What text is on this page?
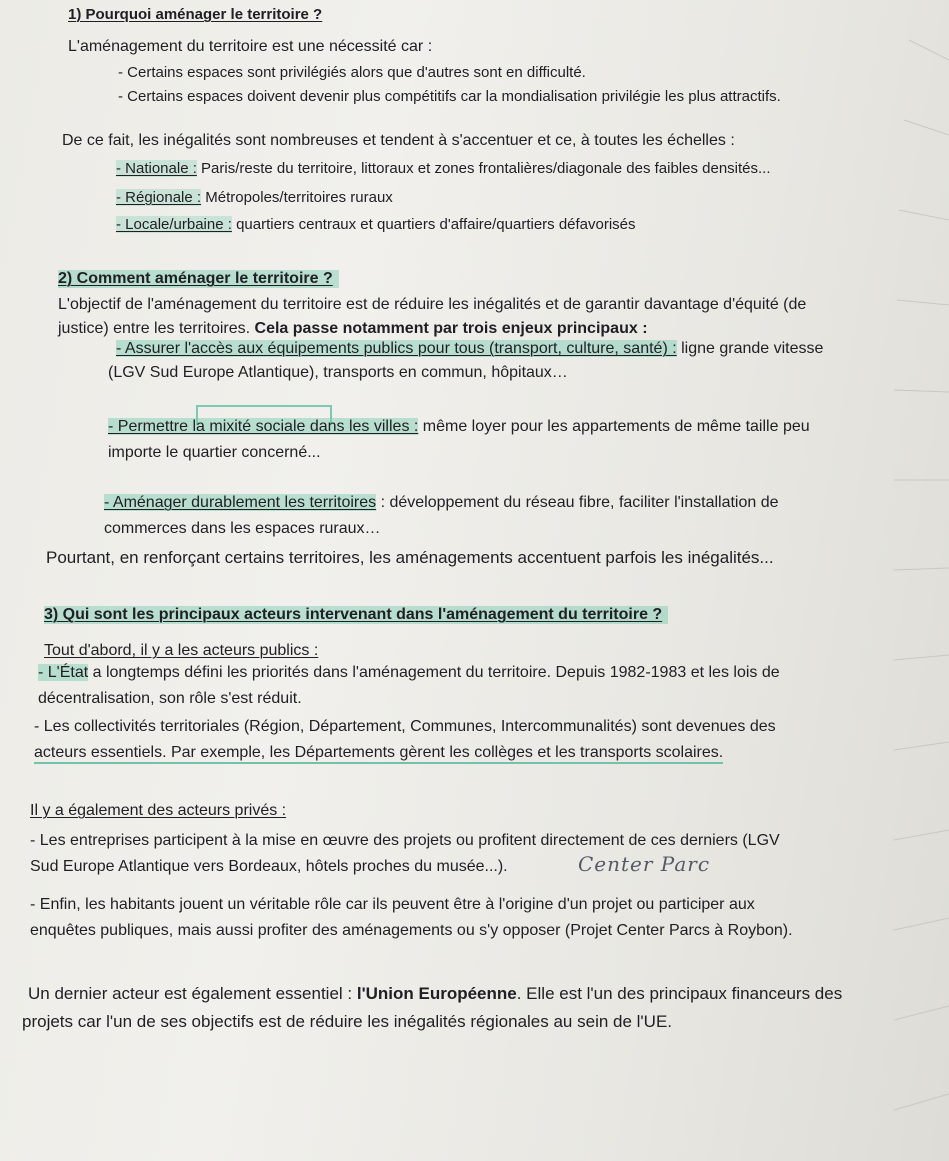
1) Pourquoi aménager le territoire ?
L'aménagement du territoire est une nécessité car :
- Certains espaces sont privilégiés alors que d'autres sont en difficulté.
- Certains espaces doivent devenir plus compétitifs car la mondialisation privilégie les plus attractifs.
De ce fait, les inégalités sont nombreuses et tendent à s'accentuer et ce, à toutes les échelles :
- Nationale : Paris/reste du territoire, littoraux et zones frontalières/diagonale des faibles densités...
- Régionale : Métropoles/territoires ruraux
- Locale/urbaine : quartiers centraux et quartiers d'affaire/quartiers défavorisés
2) Comment aménager le territoire ?
L'objectif de l'aménagement du territoire est de réduire les inégalités et de garantir davantage d'équité (de
justice) entre les territoires. Cela passe notamment par trois enjeux principaux :
- Assurer l'accès aux équipements publics pour tous (transport, culture, santé) : ligne grande vitesse
(LGV Sud Europe Atlantique), transports en commun, hôpitaux…
- Permettre la mixité sociale dans les villes : même loyer pour les appartements de même taille peu
importe le quartier concerné...
- Aménager durablement les territoires : développement du réseau fibre, faciliter l'installation de
commerces dans les espaces ruraux…
Pourtant, en renforçant certains territoires, les aménagements accentuent parfois les inégalités...
3) Qui sont les principaux acteurs intervenant dans l'aménagement du territoire ?
Tout d'abord, il y a les acteurs publics :
- L'État a longtemps défini les priorités dans l'aménagement du territoire. Depuis 1982-1983 et les lois de
décentralisation, son rôle s'est réduit.
- Les collectivités territoriales (Région, Département, Communes, Intercommunalités) sont devenues des
acteurs essentiels. Par exemple, les Départements gèrent les collèges et les transports scolaires.
Il y a également des acteurs privés :
- Les entreprises participent à la mise en œuvre des projets ou profitent directement de ces derniers (LGV
Sud Europe Atlantique vers Bordeaux, hôtels proches du musée...).	Center Parc
- Enfin, les habitants jouent un véritable rôle car ils peuvent être à l'origine d'un projet ou participer aux
enquêtes publiques, mais aussi profiter des aménagements ou s'y opposer (Projet Center Parcs à Roybon).
Un dernier acteur est également essentiel : l'Union Européenne. Elle est l'un des principaux financeurs des
projets car l'un de ses objectifs est de réduire les inégalités régionales au sein de l'UE.
